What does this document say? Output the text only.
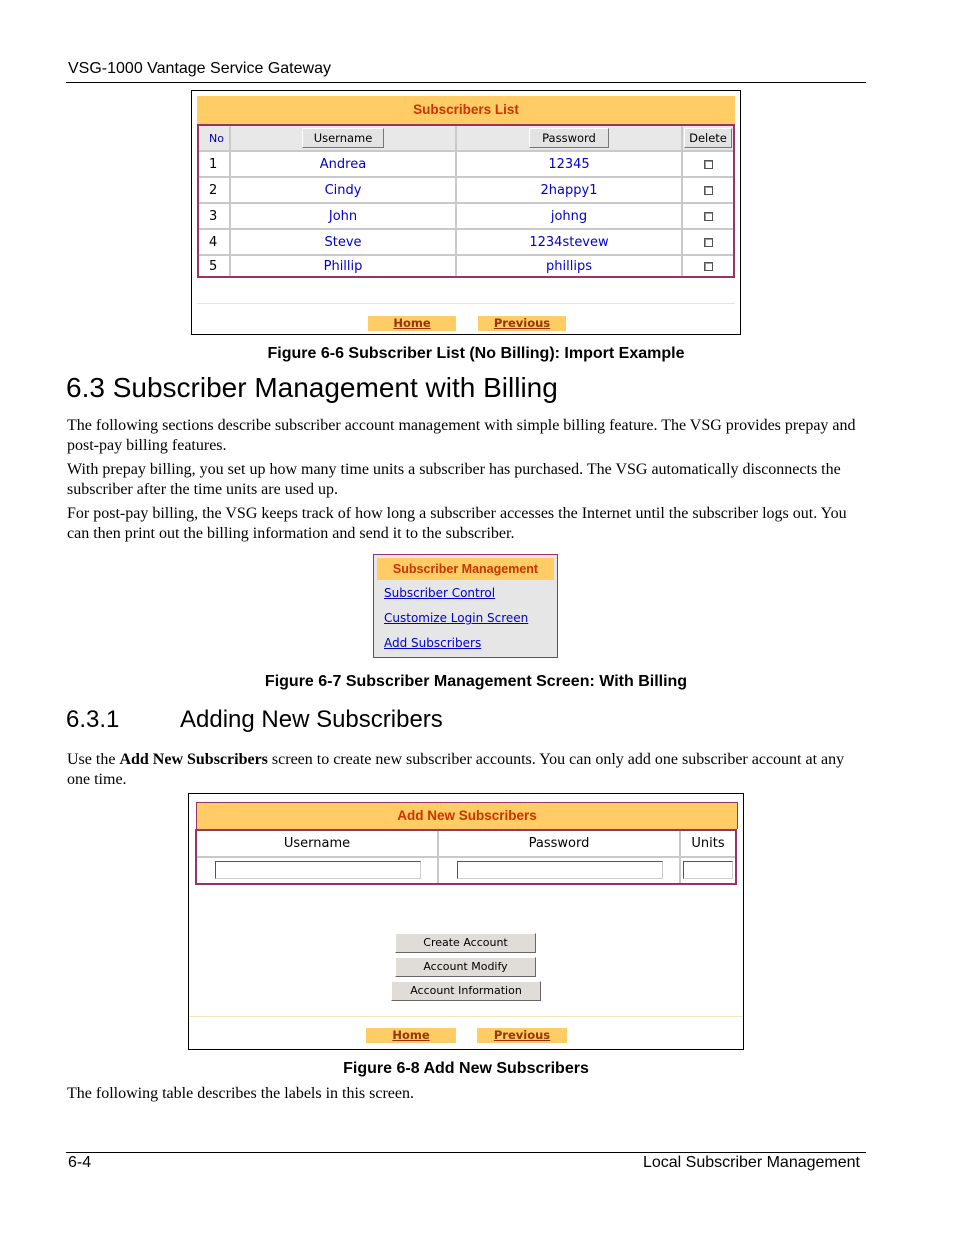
VSG-1000 Vantage Service Gateway
Subscribers List
No	Username	Password	Delete
1	Andrea	12345
2	Cindy	2happy1
3	John	johng
4	Steve	1234stevew
5	Phillip	phillips
Home	Previous
Figure 6-6 Subscriber List (No Billing): Import Example
6.3 Subscriber Management with Billing
The following sections describe subscriber account management with simple billing feature. The VSG provides prepay and post-pay billing features.
With prepay billing, you set up how many time units a subscriber has purchased. The VSG automatically disconnects the subscriber after the time units are used up.
For post-pay billing, the VSG keeps track of how long a subscriber accesses the Internet until the subscriber logs out. You can then print out the billing information and send it to the subscriber.
Subscriber Management
Subscriber Control
Customize Login Screen
Add Subscribers
Figure 6-7 Subscriber Management Screen: With Billing
6.3.1	Adding New Subscribers
Use the Add New Subscribers screen to create new subscriber accounts. You can only add one subscriber account at any one time.
Add New Subscribers
Username	Password	Units
Create Account
Account Modify
Account Information
Home	Previous
Figure 6-8 Add New Subscribers
The following table describes the labels in this screen.
6-4	Local Subscriber Management
